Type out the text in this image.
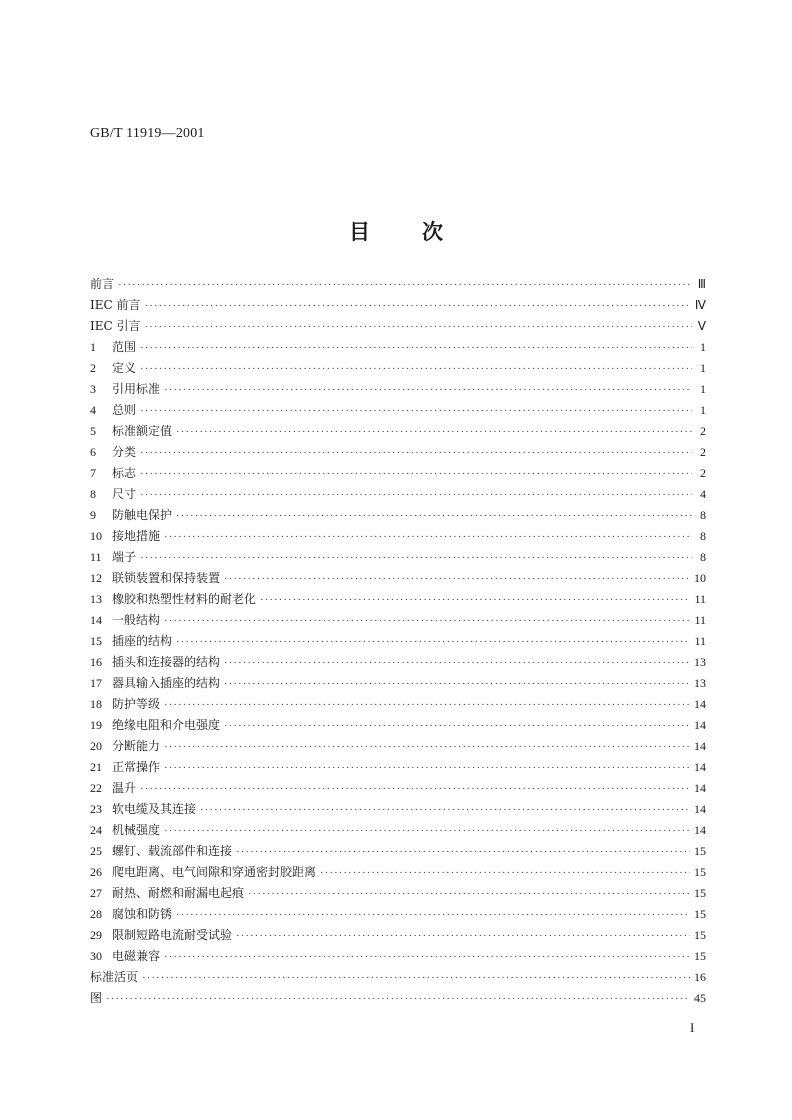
GB/T 11919—2001
目 次
前言 ·····	Ⅲ
IEC 前言 ·····	Ⅳ
IEC 引言 ·····	Ⅴ
1	范围 ·····	1
2	定义 ·····	1
3	引用标准 ·····	1
4	总则 ·····	1
5	标准额定值 ·····	2
6	分类 ·····	2
7	标志 ·····	2
8	尺寸 ·····	4
9	防触电保护 ·····	8
10 接地措施 ·····	8
11 端子 ·····	8
12 联锁装置和保持装置 ·····	10
13 橡胶和热塑性材料的耐老化 ·····	11
14 一般结构 ·····	11
15 插座的结构 ·····	11
16 插头和连接器的结构 ·····	13
17 器具输入插座的结构 ·····	13
18 防护等级 ·····	14
19 绝缘电阻和介电强度 ·····	14
20 分断能力 ·····	14
21 正常操作 ·····	14
22 温升 ·····	14
23 软电缆及其连接 ·····	14
24 机械强度 ·····	14
25 螺钉、载流部件和连接 ·····	15
26 爬电距离、电气间隙和穿通密封胶距离 ·····	15
27 耐热、耐燃和耐漏电起痕 ·····	15
28 腐蚀和防锈 ·····	15
29 限制短路电流耐受试验 ·····	15
30 电磁兼容 ·····	15
标准活页 ·····	16
图 ·····	45
I
